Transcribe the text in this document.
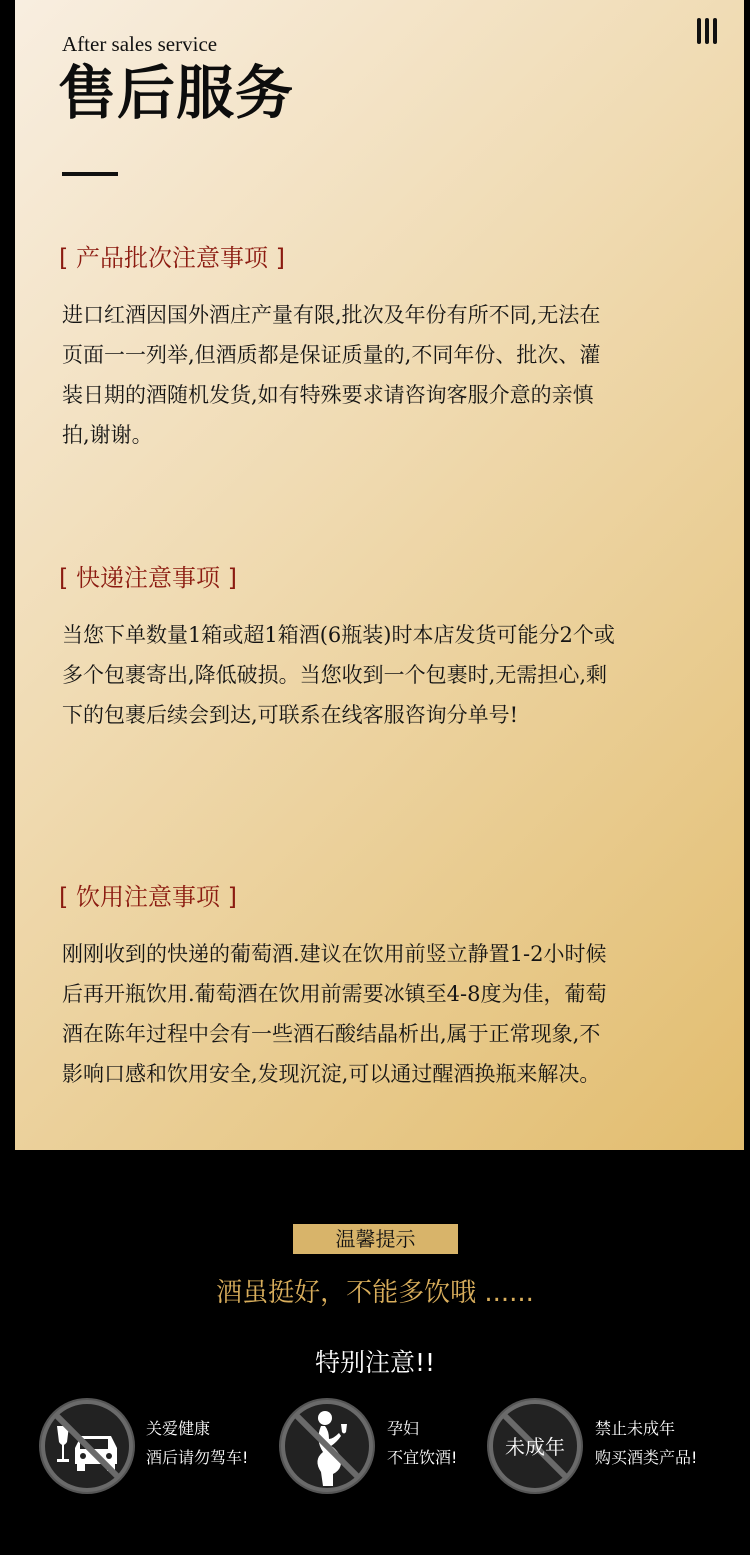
After sales service
售后服务
[ 产品批次注意事项 ]
进口红酒因国外酒庄产量有限,批次及年份有所不同,无法在
页面一一列举,但酒质都是保证质量的,不同年份、批次、灌
装日期的酒随机发货,如有特殊要求请咨询客服介意的亲慎
拍,谢谢。
[ 快递注意事项 ]
当您下单数量1箱或超1箱酒(6瓶装)时本店发货可能分2个或
多个包裹寄出,降低破损。当您收到一个包裹时,无需担心,剩
下的包裹后续会到达,可联系在线客服咨询分单号!
[ 饮用注意事项 ]
刚刚收到的快递的葡萄酒.建议在饮用前竖立静置1-2小时候
后再开瓶饮用.葡萄酒在饮用前需要冰镇至4-8度为佳，葡萄
酒在陈年过程中会有一些酒石酸结晶析出,属于正常现象,不
影响口感和饮用安全,发现沉淀,可以通过醒酒换瓶来解决。
温馨提示
酒虽挺好，不能多饮哦 ......
特别注意!!
关爱健康
酒后请勿驾车!
孕妇
不宜饮酒! 未成年
禁止未成年
购买酒类产品!
